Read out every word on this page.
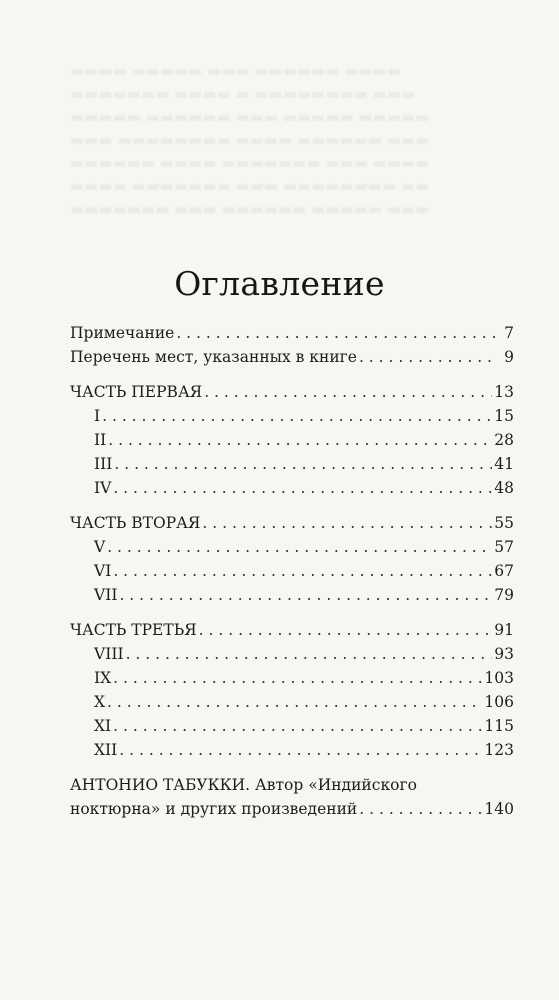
▬▬▬▬ ▬▬▬▬▬ ▬▬▬ ▬▬▬▬▬▬ ▬▬▬▬
▬▬▬▬▬▬▬ ▬▬▬▬ ▬ ▬▬▬▬▬▬▬▬ ▬▬▬
▬▬▬▬▬ ▬▬▬▬▬▬ ▬▬▬ ▬▬▬▬▬ ▬▬▬▬▬
▬▬▬ ▬▬▬▬▬▬▬▬ ▬▬▬▬ ▬▬▬▬▬▬ ▬▬▬
▬▬▬▬▬▬ ▬▬▬▬ ▬▬▬▬▬▬▬ ▬▬▬ ▬▬▬▬
▬▬▬▬ ▬▬▬▬▬▬▬ ▬▬▬ ▬▬▬▬▬▬▬▬ ▬▬
▬▬▬▬▬▬▬ ▬▬▬ ▬▬▬▬▬▬ ▬▬▬▬▬ ▬▬▬
Оглавление
Примечание . . .	7
Перечень мест, указанных в книге . . .	9
ЧАСТЬ ПЕРВАЯ . . .	13
I . . .	15
II . . .	28
III . . .	41
IV . . .	48
ЧАСТЬ ВТОРАЯ . . .	55
V . . .	57
VI . . .	67
VII . . .	79
ЧАСТЬ ТРЕТЬЯ . . .	91
VIII . . .	93
IX . . .	103
X . . .	106
XI . . .	115
XII . . .	123
АНТОНИО ТАБУККИ. Автор «Индийского
ноктюрна» и других произведений . . .	140
